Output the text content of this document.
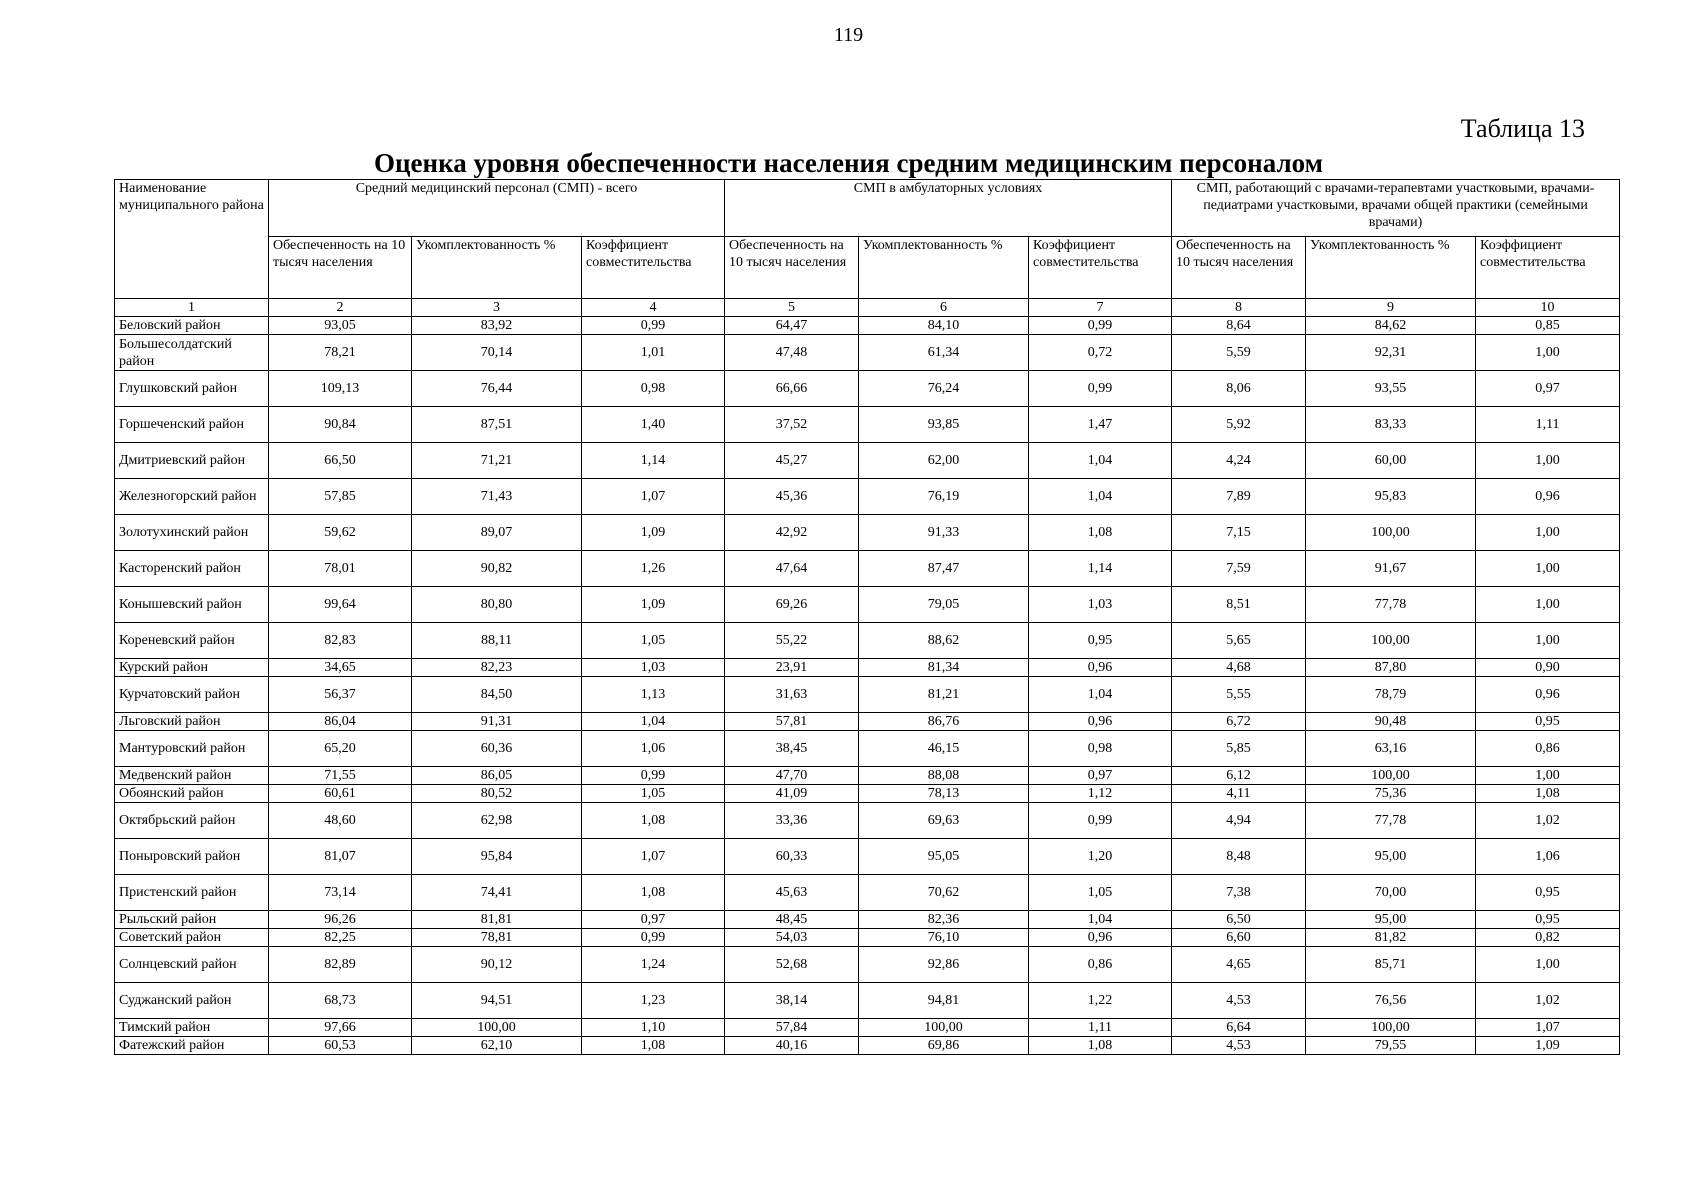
119
Таблица 13
Оценка уровня обеспеченности населения средним медицинским персоналом
Наименование муниципального района	Средний медицинский персонал (СМП) - всего			СМП в амбулаторных условиях			СМП, работающий с врачами-терапевтами участковыми, врачами-педиатрами участковыми, врачами общей практики (семейными врачами)		
	Обеспеченность на 10 тысяч населения	Укомплектованность %	Коэффициент совместительства	Обеспеченность на 10 тысяч населения	Укомплектованность %	Коэффициент совместительства	Обеспеченность на 10 тысяч населения	Укомплектованность %	Коэффициент совместительства
1	2	3	4	5	6	7	8	9	10
Беловский район	93,05	83,92	0,99	64,47	84,10	0,99	8,64	84,62	0,85
Большесолдатский район	78,21	70,14	1,01	47,48	61,34	0,72	5,59	92,31	1,00
Глушковский район	109,13	76,44	0,98	66,66	76,24	0,99	8,06	93,55	0,97
Горшеченский район	90,84	87,51	1,40	37,52	93,85	1,47	5,92	83,33	1,11
Дмитриевский район	66,50	71,21	1,14	45,27	62,00	1,04	4,24	60,00	1,00
Железногорский район	57,85	71,43	1,07	45,36	76,19	1,04	7,89	95,83	0,96
Золотухинский район	59,62	89,07	1,09	42,92	91,33	1,08	7,15	100,00	1,00
Касторенский район	78,01	90,82	1,26	47,64	87,47	1,14	7,59	91,67	1,00
Конышевский район	99,64	80,80	1,09	69,26	79,05	1,03	8,51	77,78	1,00
Кореневский район	82,83	88,11	1,05	55,22	88,62	0,95	5,65	100,00	1,00
Курский район	34,65	82,23	1,03	23,91	81,34	0,96	4,68	87,80	0,90
Курчатовский район	56,37	84,50	1,13	31,63	81,21	1,04	5,55	78,79	0,96
Льговский район	86,04	91,31	1,04	57,81	86,76	0,96	6,72	90,48	0,95
Мантуровский район	65,20	60,36	1,06	38,45	46,15	0,98	5,85	63,16	0,86
Медвенский район	71,55	86,05	0,99	47,70	88,08	0,97	6,12	100,00	1,00
Обоянский район	60,61	80,52	1,05	41,09	78,13	1,12	4,11	75,36	1,08
Октябрьский район	48,60	62,98	1,08	33,36	69,63	0,99	4,94	77,78	1,02
Поныровский район	81,07	95,84	1,07	60,33	95,05	1,20	8,48	95,00	1,06
Пристенский район	73,14	74,41	1,08	45,63	70,62	1,05	7,38	70,00	0,95
Рыльский район	96,26	81,81	0,97	48,45	82,36	1,04	6,50	95,00	0,95
Советский район	82,25	78,81	0,99	54,03	76,10	0,96	6,60	81,82	0,82
Солнцевский район	82,89	90,12	1,24	52,68	92,86	0,86	4,65	85,71	1,00
Суджанский район	68,73	94,51	1,23	38,14	94,81	1,22	4,53	76,56	1,02
Тимский район	97,66	100,00	1,10	57,84	100,00	1,11	6,64	100,00	1,07
Фатежский район	60,53	62,10	1,08	40,16	69,86	1,08	4,53	79,55	1,09
